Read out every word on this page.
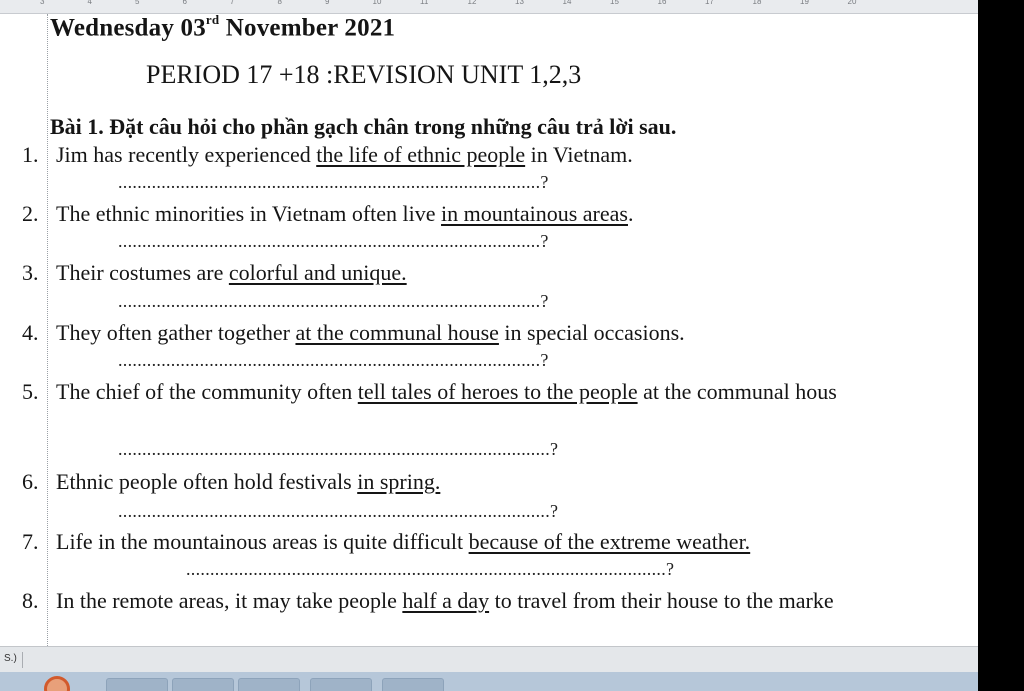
3	4	5	6	7	8	9	10	11	12	13	14	15	16	17	18	19	20
Wednesday 03rd November 2021
PERIOD 17 +18 :REVISION UNIT 1,2,3
Bài 1. Đặt câu hỏi cho phần gạch chân trong những câu trả lời sau.
1. Jim has recently experienced the life of ethnic people in Vietnam.
........................................................................................?
2. The ethnic minorities in Vietnam often live in mountainous areas.
........................................................................................?
3. Their costumes are colorful and unique.
........................................................................................?
4. They often gather together at the communal house in special occasions.
........................................................................................?
5. The chief of the community often tell tales of heroes to the people at the communal hous
..........................................................................................?
6. Ethnic people often hold festivals in spring.
..........................................................................................?
7. Life in the mountainous areas is quite difficult because of the extreme weather.
....................................................................................................?
8. In the remote areas, it may take people half a day to travel from their house to the marke
S.)
